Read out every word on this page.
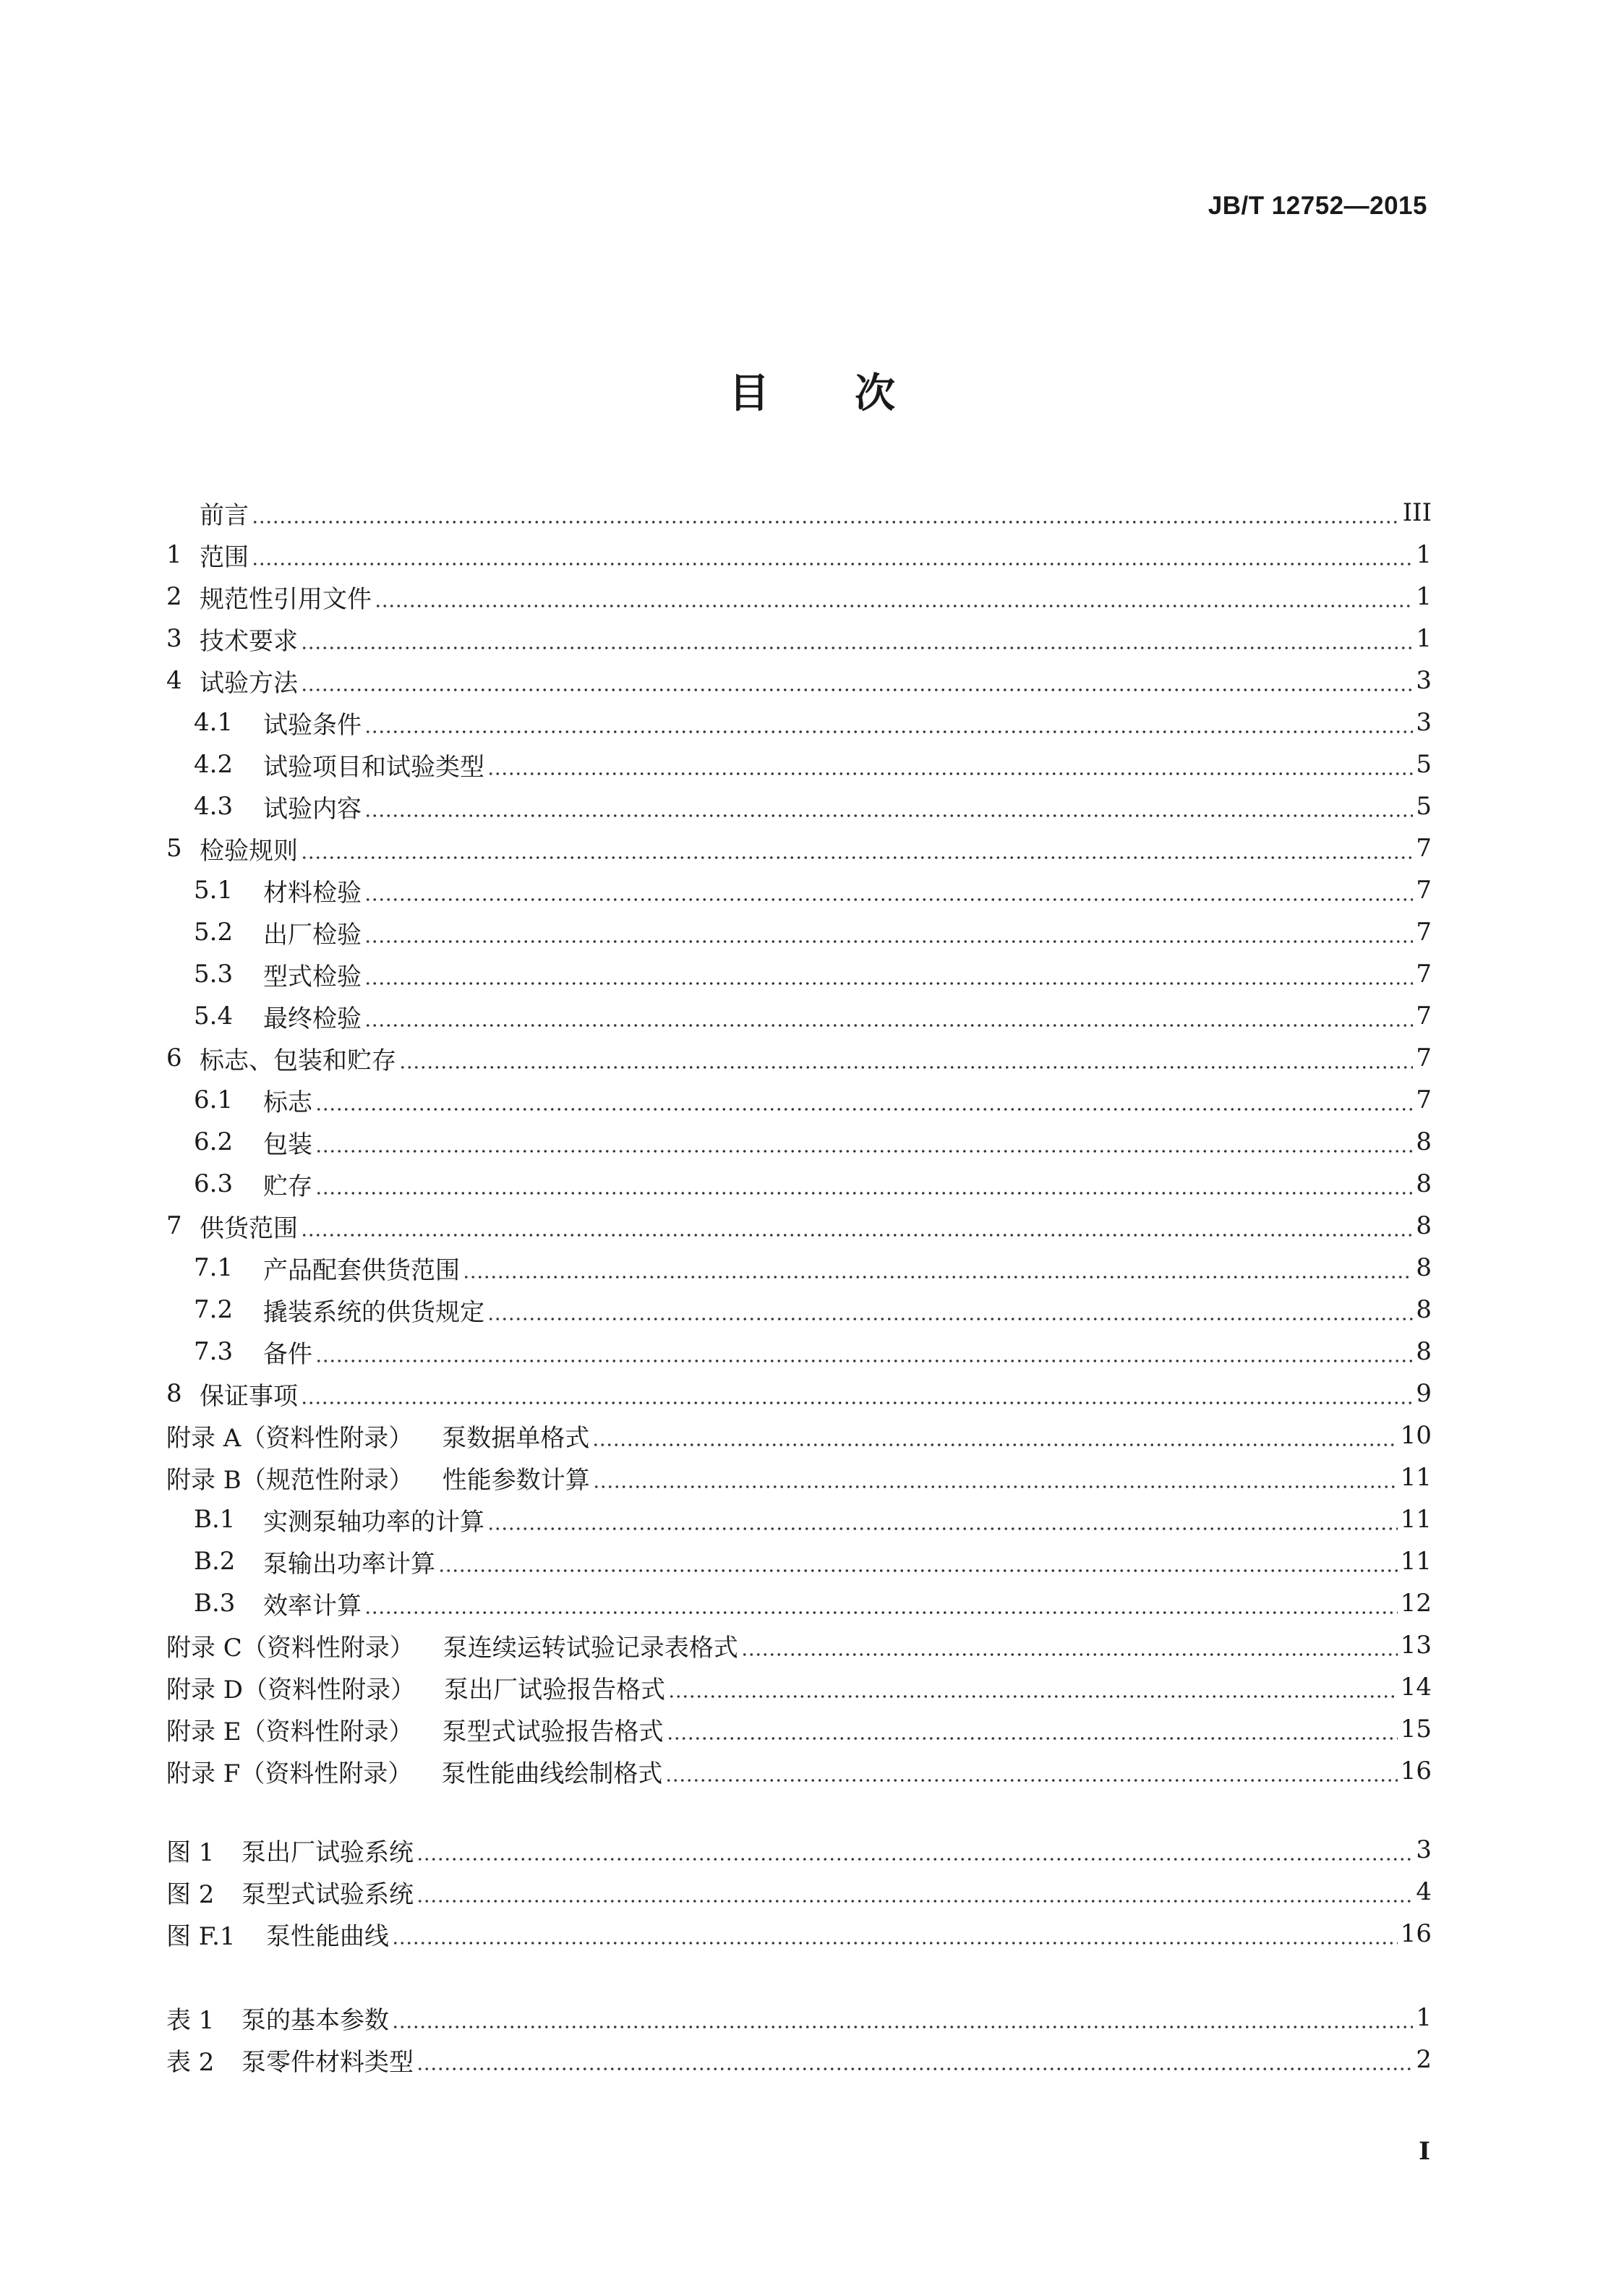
JB/T 12752—2015
目次
前言	III
1 范围	1
2 规范性引用文件	1
3 技术要求	1
4 试验方法	3
4.1	试验条件	3
4.2	试验项目和试验类型	5
4.3	试验内容	5
5 检验规则	7
5.1	材料检验	7
5.2	出厂检验	7
5.3	型式检验	7
5.4	最终检验	7
6 标志、包装和贮存	7
6.1	标志	7
6.2	包装	8
6.3	贮存	8
7 供货范围	8
7.1	产品配套供货范围	8
7.2	撬装系统的供货规定	8
7.3	备件	8
8 保证事项	9
附录 A（资料性附录） 泵数据单格式	10
附录 B（规范性附录） 性能参数计算	11
B.1	实测泵轴功率的计算	11
B.2	泵输出功率计算	11
B.3	效率计算	12
附录 C（资料性附录） 泵连续运转试验记录表格式	13
附录 D（资料性附录） 泵出厂试验报告格式	14
附录 E（资料性附录） 泵型式试验报告格式	15
附录 F（资料性附录） 泵性能曲线绘制格式	16
图 1	泵出厂试验系统	3
图 2	泵型式试验系统	4
图 F.1	泵性能曲线	16
表 1	泵的基本参数	1
表 2	泵零件材料类型	2
I
